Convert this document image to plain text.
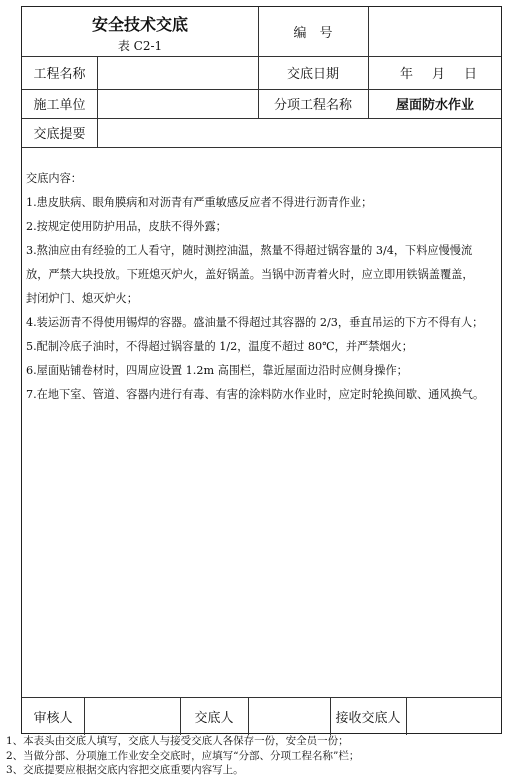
安全技术交底
表 C2-1
编　号
工程名称	交底日期	年 月 日
施工单位	分项工程名称	屋面防水作业
交底提要
交底内容：
1.患皮肤病、眼角膜病和对沥青有严重敏感反应者不得进行沥青作业；
2.按规定使用防护用品，皮肤不得外露；
3.熬油应由有经验的工人看守，随时测控油温，熬量不得超过锅容量的 3/4，下料应慢慢流
放，严禁大块投放。下班熄灭炉火，盖好锅盖。当锅中沥青着火时，应立即用铁锅盖覆盖，
封闭炉门、熄灭炉火；
4.装运沥青不得使用锡焊的容器。盛油量不得超过其容器的 2/3，垂直吊运的下方不得有人；
5.配制冷底子油时，不得超过锅容量的 1/2，温度不超过 80℃，并严禁烟火；
6.屋面贴铺卷材时，四周应设置 1.2m 高围栏，靠近屋面边沿时应侧身操作；
7.在地下室、管道、容器内进行有毒、有害的涂料防水作业时，应定时轮换间歇、通风换气。
审核人	交底人	接收交底人
1、本表头由交底人填写，交底人与接受交底人各保存一份，安全员一份；
2、当做分部、分项施工作业安全交底时，应填写“分部、分项工程名称”栏；
3、交底提要应根据交底内容把交底重要内容写上。
